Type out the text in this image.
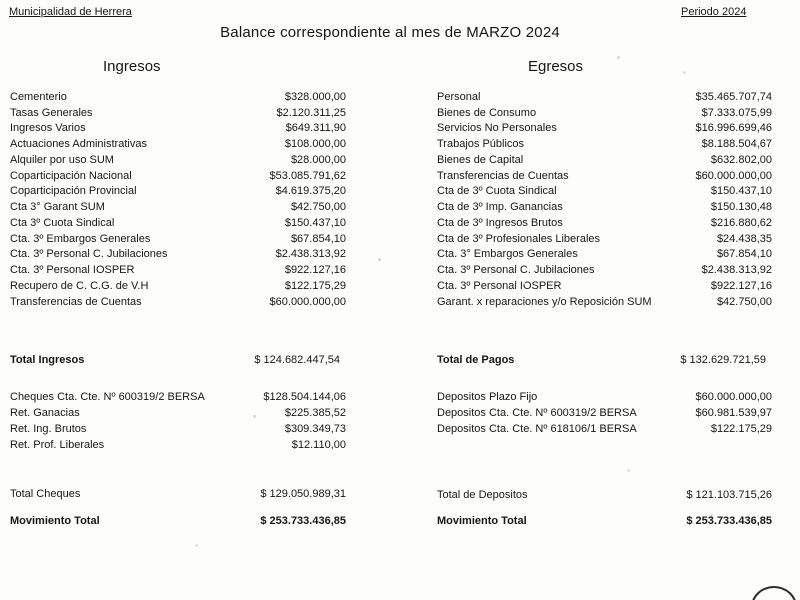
Municipalidad de Herrera	Periodo 2024
Balance correspondiente al mes de MARZO 2024
Ingresos	Egresos
Cementerio	$328.000,00
Tasas Generales	$2.120.311,25
Ingresos Varios	$649.311,90
Actuaciones Administrativas	$108.000,00
Alquiler por uso SUM	$28.000,00
Coparticipación Nacional	$53.085.791,62
Coparticipación Provincial	$4.619.375,20
Cta 3° Garant SUM	$42.750,00
Cta 3º Cuota Sindical	$150.437,10
Cta. 3º Embargos Generales	$67.854,10
Cta. 3º Personal C. Jubilaciones	$2.438.313,92
Cta. 3º Personal IOSPER	$922.127,16
Recupero de C. C.G. de V.H	$122.175,29
Transferencias de Cuentas	$60.000.000,00
Personal	$35.465.707,74
Bienes de Consumo	$7.333.075,99
Servicios No Personales	$16.996.699,46
Trabajos Públicos	$8.188.504,67
Bienes de Capital	$632.802,00
Transferencias de Cuentas	$60.000.000,00
Cta de 3º Cuota Sindical	$150.437,10
Cta de 3º Imp. Ganancias	$150.130,48
Cta de 3º Ingresos Brutos	$216.880,62
Cta de 3º Profesionales Liberales	$24.438,35
Cta. 3° Embargos Generales	$67.854,10
Cta. 3º Personal C. Jubilaciones	$2.438.313,92
Cta. 3º Personal IOSPER	$922.127,16
Garant. x reparaciones y/o Reposición SUM	$42.750,00
Total Ingresos	$ 124.682.447,54	Total de Pagos	$ 132.629.721,59
Cheques Cta. Cte. Nº 600319/2 BERSA	$128.504.144,06
Ret. Ganacias	$225.385,52
Ret. Ing. Brutos	$309.349,73
Ret. Prof. Liberales	$12.110,00
Depositos Plazo Fijo	$60.000.000,00
Depositos Cta. Cte. Nº 600319/2 BERSA	$60.981.539,97
Depositos Cta. Cte. Nº 618106/1 BERSA	$122.175,29
Total Cheques	$ 129.050.989,31	Total de Depositos	$ 121.103.715,26
Movimiento Total	$ 253.733.436,85	Movimiento Total	$ 253.733.436,85
